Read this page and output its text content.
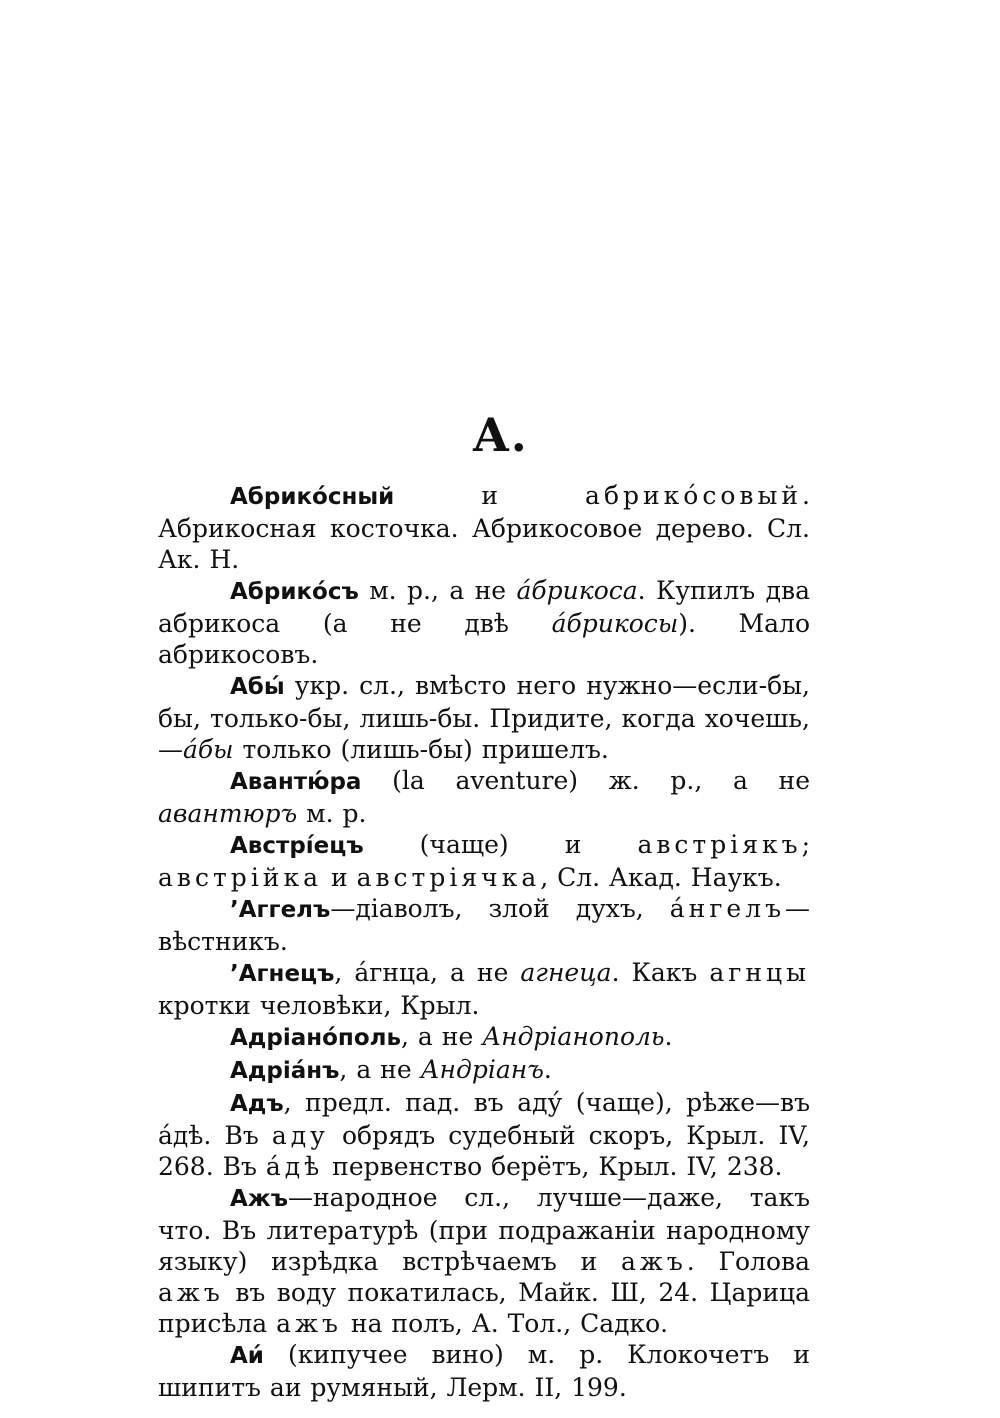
А.

Абрикóсный и абрикóсовый. Абрикосная косточка. Абрикосовое дерево. Сл. Ак. Н.

Абрикóсъ м. р., а не áбрикоса. Купилъ два абрикоса (а не двѣ áбрикосы). Мало абрикосовъ.

Абы́ укр. сл., вмѣсто него нужно—если-бы, бы, только-бы, лишь-бы. Придите, когда хочешь,—áбы только (лишь-бы) пришелъ.

Авантю́ра (la aventure) ж. р., а не авантюръ м. р.

Австрі́ецъ (чаще) и австріякъ; австрійка и австріячка, Сл. Акад. Наукъ.

’Аггелъ—діаволъ, злой духъ, áнгелъ—вѣстникъ.

’Агнецъ, áгнца, а не агнеца. Какъ агнцы кротки человѣки, Крыл.

Адріанóполь, а не Андріанополь.

Адріáнъ, а не Андріанъ.

Адъ, предл. пад. въ аду́ (чаще), рѣже—въ áдѣ. Въ аду обрядъ судебный скоръ, Крыл. IV, 268. Въ áдѣ первенство берётъ, Крыл. IV, 238.

Ажъ—народное сл., лучше—даже, такъ что. Въ литературѣ (при подражаніи народному языку) изрѣдка встрѣчаемъ и ажъ. Голова ажъ въ воду покатилась, Майк. Ш, 24. Царица присѣла ажъ на полъ, А. Тол., Садко.

Аи́ (кипучее вино) м. р. Клокочетъ и шипитъ аи румяный, Лерм. II, 199.
